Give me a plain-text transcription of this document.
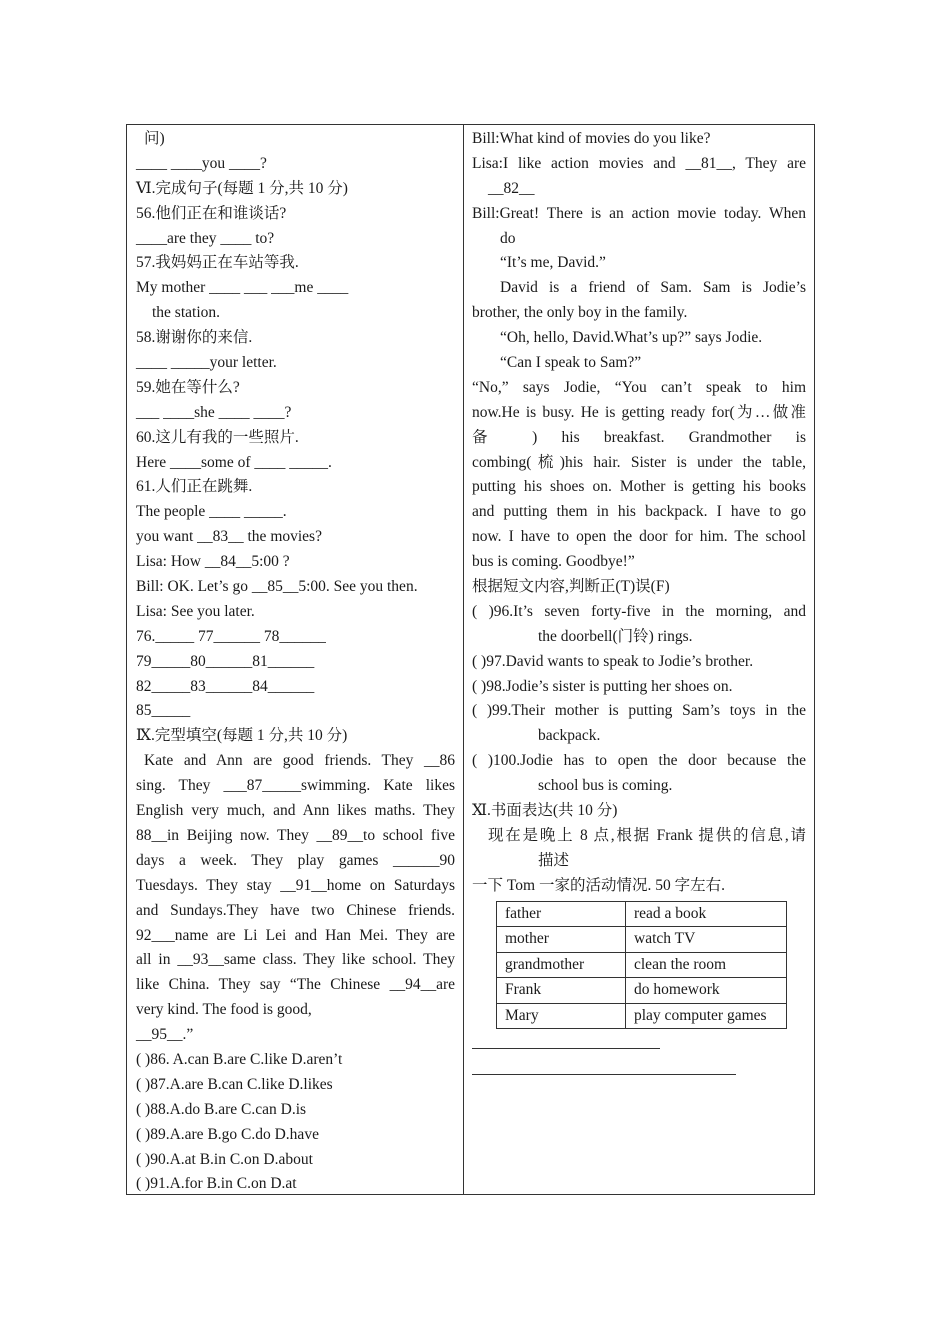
问)
____ ____you ____?
Ⅵ.完成句子(每题 1 分,共 10 分)
56.他们正在和谁谈话?
____are they ____ to?
57.我妈妈正在车站等我.
My mother ____ ___ ___me ____
the station.
58.谢谢你的来信.
____ _____your letter.
59.她在等什么?
___ ____she ____ ____?
60.这儿有我的一些照片.
Here ____some of ____ _____.
61.人们正在跳舞.
The people ____ _____.
you want __83__ the movies?
Lisa: How __84__5:00 ?
Bill: OK. Let’s go __85__5:00. See you then.
Lisa: See you later.
76._____ 77______ 78______
79_____80______81______
82_____83______84______
85_____
Ⅸ.完型填空(每题 1 分,共 10 分)
Kate and Ann are good friends. They __86
sing. They ___87_____swimming. Kate likes
English very much, and Ann likes maths. They
88__in Beijing now. They __89__to school five
days a week. They play games ______90
Tuesdays. They stay __91__home on Saturdays
and Sundays.They have two Chinese friends.
92___name are Li Lei and Han Mei. They are
all in __93__same class. They like school. They
like China. They say “The Chinese __94__are
very kind. The food is good,
__95__.”
( )86. A.can B.are C.like D.aren’t
( )87.A.are B.can C.like D.likes
( )88.A.do B.are C.can D.is
( )89.A.are B.go C.do D.have
( )90.A.at B.in C.on D.about
( )91.A.for B.in C.on D.at
Bill:What kind of movies do you like?
Lisa:I like action movies and __81__, They are
__82__
Bill:Great! There is an action movie today. When
do
“It’s me, David.”
David is a friend of Sam. Sam is Jodie’s
brother, the only boy in the family.
“Oh, hello, David.What’s up?” says Jodie.
“Can I speak to Sam?”
“No,” says Jodie, “You can’t speak to him
now.He is busy. He is getting ready for(为…做准
备 ) his breakfast. Grandmother is
combing(梳)his hair. Sister is under the table,
putting his shoes on. Mother is getting his books
and putting them in his backpack. I have to go
now. I have to open the door for him. The school
bus is coming. Goodbye!”
根据短文内容,判断正(T)误(F)
( )96.It’s seven forty-five in the morning, and
the doorbell(门铃) rings.
( )97.David wants to speak to Jodie’s brother.
( )98.Jodie’s sister is putting her shoes on.
( )99.Their mother is putting Sam’s toys in the
backpack.
( )100.Jodie has to open the door because the
school bus is coming.
Ⅺ.书面表达(共 10 分)
现在是晚上 8 点,根据 Frank 提供的信息,请
描述
一下 Tom 一家的活动情况. 50 字左右.
father	read a book
mother	watch TV
grandmother	clean the room
Frank	do homework
Mary	play computer games
